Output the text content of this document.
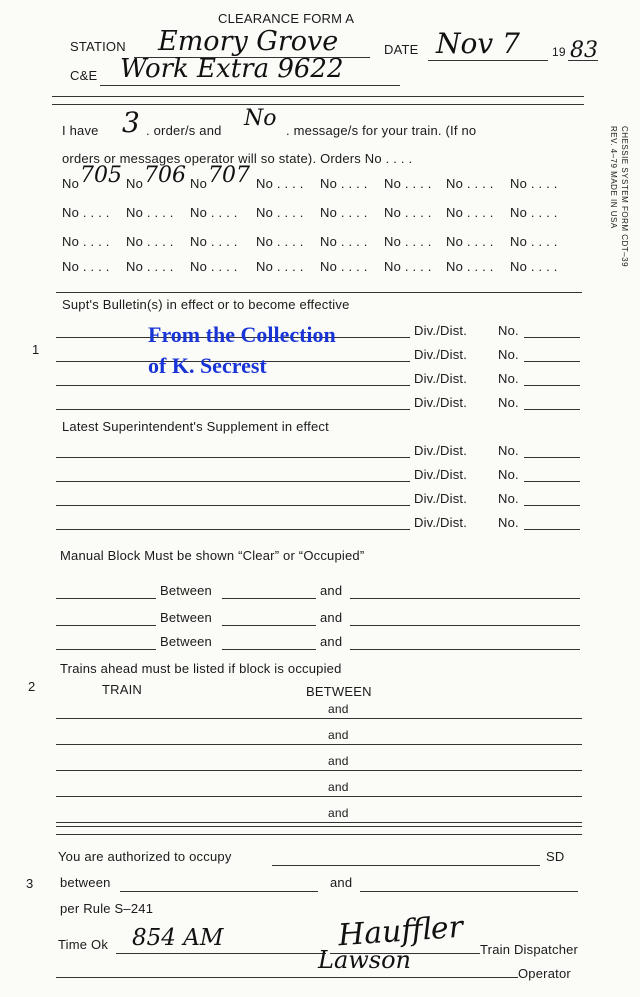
CLEARANCE FORM A
STATION Emory Grove	DATE Nov 7	19 83
C&E Work Extra 9622
CHESSIE SYSTEM FORM CDT–39
REV. 4–79 MADE IN USA
I have 3 . order/s and No . message/s for your train. (If no
orders or messages operator will so state). Orders No . . . .
No 705 No 706 No 707 No . . . . No . . . . No . . . . No . . . . No . . . .
No . . . . No . . . . No . . . . No . . . . No . . . . No . . . . No . . . . No . . . .
No . . . . No . . . . No . . . . No . . . . No . . . . No . . . . No . . . . No . . . .
No . . . . No . . . . No . . . . No . . . . No . . . . No . . . . No . . . . No . . . .
Supt's Bulletin(s) in effect or to become effective
1
Div./Dist. No.
Div./Dist. No.
Div./Dist. No.
Div./Dist. No.
Latest Superintendent's Supplement in effect
Div./Dist. No.
Div./Dist. No.
Div./Dist. No.
Div./Dist. No.
From the Collection
of K. Secrest
Manual Block Must be shown “Clear” or “Occupied”
Between	and
Between	and
Between	and
Trains ahead must be listed if block is occupied
2	TRAIN	BETWEEN
and
and
and
and
and
You are authorized to occupy	SD
3 between	and
per Rule S–241
Time Ok 854 AM	Hauffler Train Dispatcher
Lawson	Operator
